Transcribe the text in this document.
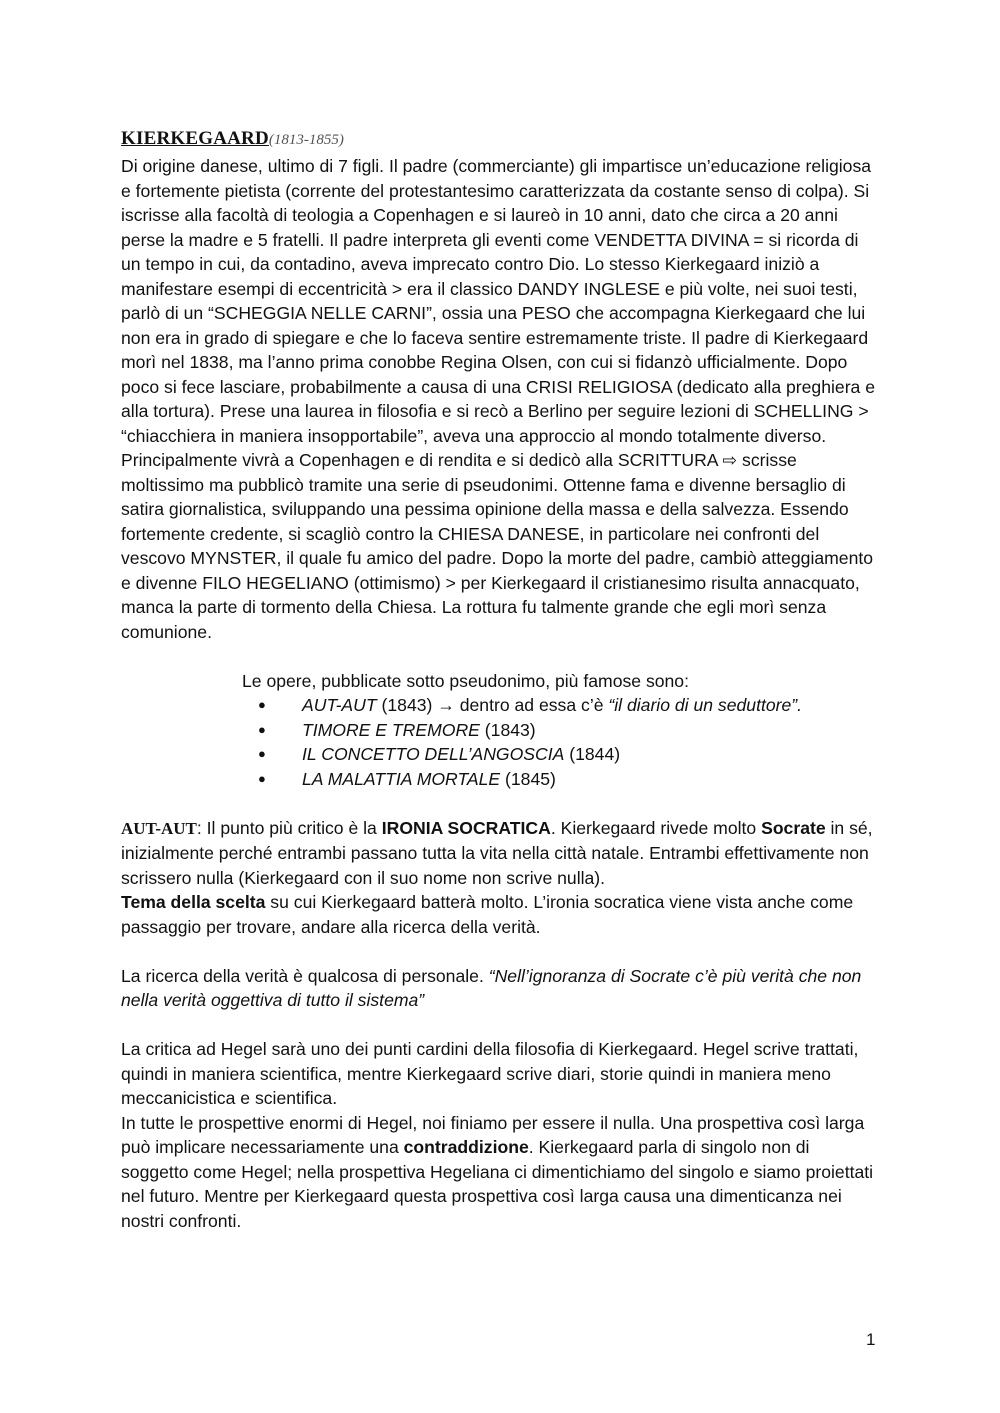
KIERKEGAARD(1813-1855)

Di origine danese, ultimo di 7 figli. Il padre (commerciante) gli impartisce un’educazione religiosa e fortemente pietista (corrente del protestantesimo caratterizzata da costante senso di colpa). Si iscrisse alla facoltà di teologia a Copenhagen e si laureò in 10 anni, dato che circa a 20 anni perse la madre e 5 fratelli. Il padre interpreta gli eventi come VENDETTA DIVINA = si ricorda di un tempo in cui, da contadino, aveva imprecato contro Dio. Lo stesso Kierkegaard iniziò a manifestare esempi di eccentricità > era il classico DANDY INGLESE e più volte, nei suoi testi, parlò di un “SCHEGGIA NELLE CARNI”, ossia una PESO che accompagna Kierkegaard che lui non era in grado di spiegare e che lo faceva sentire estremamente triste. Il padre di Kierkegaard morì nel 1838, ma l’anno prima conobbe Regina Olsen, con cui si fidanzò ufficialmente. Dopo poco si fece lasciare, probabilmente a causa di una CRISI RELIGIOSA (dedicato alla preghiera e alla tortura). Prese una laurea in filosofia e si recò a Berlino per seguire lezioni di SCHELLING > “chiacchiera in maniera insopportabile”, aveva una approccio al mondo totalmente diverso. Principalmente vivrà a Copenhagen e di rendita e si dedicò alla SCRITTURA ⇨ scrisse moltissimo ma pubblicò tramite una serie di pseudonimi. Ottenne fama e divenne bersaglio di satira giornalistica, sviluppando una pessima opinione della massa e della salvezza. Essendo fortemente credente, si scagliò contro la CHIESA DANESE, in particolare nei confronti del vescovo MYNSTER, il quale fu amico del padre. Dopo la morte del padre, cambiò atteggiamento e divenne FILO HEGELIANO (ottimismo) > per Kierkegaard il cristianesimo risulta annacquato, manca la parte di tormento della Chiesa. La rottura fu talmente grande che egli morì senza comunione.

Le opere, pubblicate sotto pseudonimo, più famose sono:

● AUT-AUT (1843) → dentro ad essa c’è “il diario di un seduttore”.
● TIMORE E TREMORE (1843)
● IL CONCETTO DELL’ANGOSCIA (1844)
● LA MALATTIA MORTALE (1845)

AUT-AUT: Il punto più critico è la IRONIA SOCRATICA. Kierkegaard rivede molto Socrate in sé, inizialmente perché entrambi passano tutta la vita nella città natale. Entrambi effettivamente non scrissero nulla (Kierkegaard con il suo nome non scrive nulla).

Tema della scelta su cui Kierkegaard batterà molto. L’ironia socratica viene vista anche come passaggio per trovare, andare alla ricerca della verità.

La ricerca della verità è qualcosa di personale. “Nell’ignoranza di Socrate c’è più verità che non nella verità oggettiva di tutto il sistema”

La critica ad Hegel sarà uno dei punti cardini della filosofia di Kierkegaard. Hegel scrive trattati, quindi in maniera scientifica, mentre Kierkegaard scrive diari, storie quindi in maniera meno meccanicistica e scientifica.

In tutte le prospettive enormi di Hegel, noi finiamo per essere il nulla. Una prospettiva così larga può implicare necessariamente una contraddizione. Kierkegaard parla di singolo non di soggetto come Hegel; nella prospettiva Hegeliana ci dimentichiamo del singolo e siamo proiettati nel futuro. Mentre per Kierkegaard questa prospettiva così larga causa una dimenticanza nei nostri confronti.

1
